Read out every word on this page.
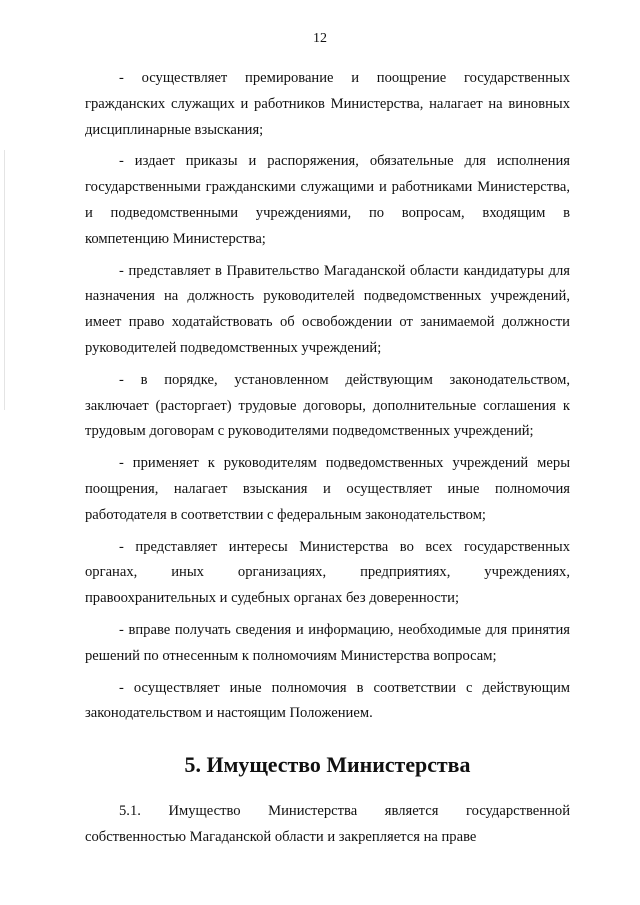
12

- осуществляет премирование и поощрение государственных гражданских служащих и работников Министерства, налагает на виновных дисциплинарные взыскания;

- издает приказы и распоряжения, обязательные для исполнения государственными гражданскими служащими и работниками Министерства, и подведомственными учреждениями, по вопросам, входящим в компетенцию Министерства;

- представляет в Правительство Магаданской области кандидатуры для назначения на должность руководителей подведомственных учреждений, имеет право ходатайствовать об освобождении от занимаемой должности руководителей подведомственных учреждений;

- в порядке, установленном действующим законодательством, заключает (расторгает) трудовые договоры, дополнительные соглашения к трудовым договорам с руководителями подведомственных учреждений;

- применяет к руководителям подведомственных учреждений меры поощрения, налагает взыскания и осуществляет иные полномочия работодателя в соответствии с федеральным законодательством;

- представляет интересы Министерства во всех государственных органах, иных организациях, предприятиях, учреждениях, правоохранительных и судебных органах без доверенности;

- вправе получать сведения и информацию, необходимые для принятия решений по отнесенным к полномочиям Министерства вопросам;

- осуществляет иные полномочия в соответствии с действующим законодательством и настоящим Положением.

5. Имущество Министерства

5.1. Имущество Министерства является государственной собственностью Магаданской области и закрепляется на праве
